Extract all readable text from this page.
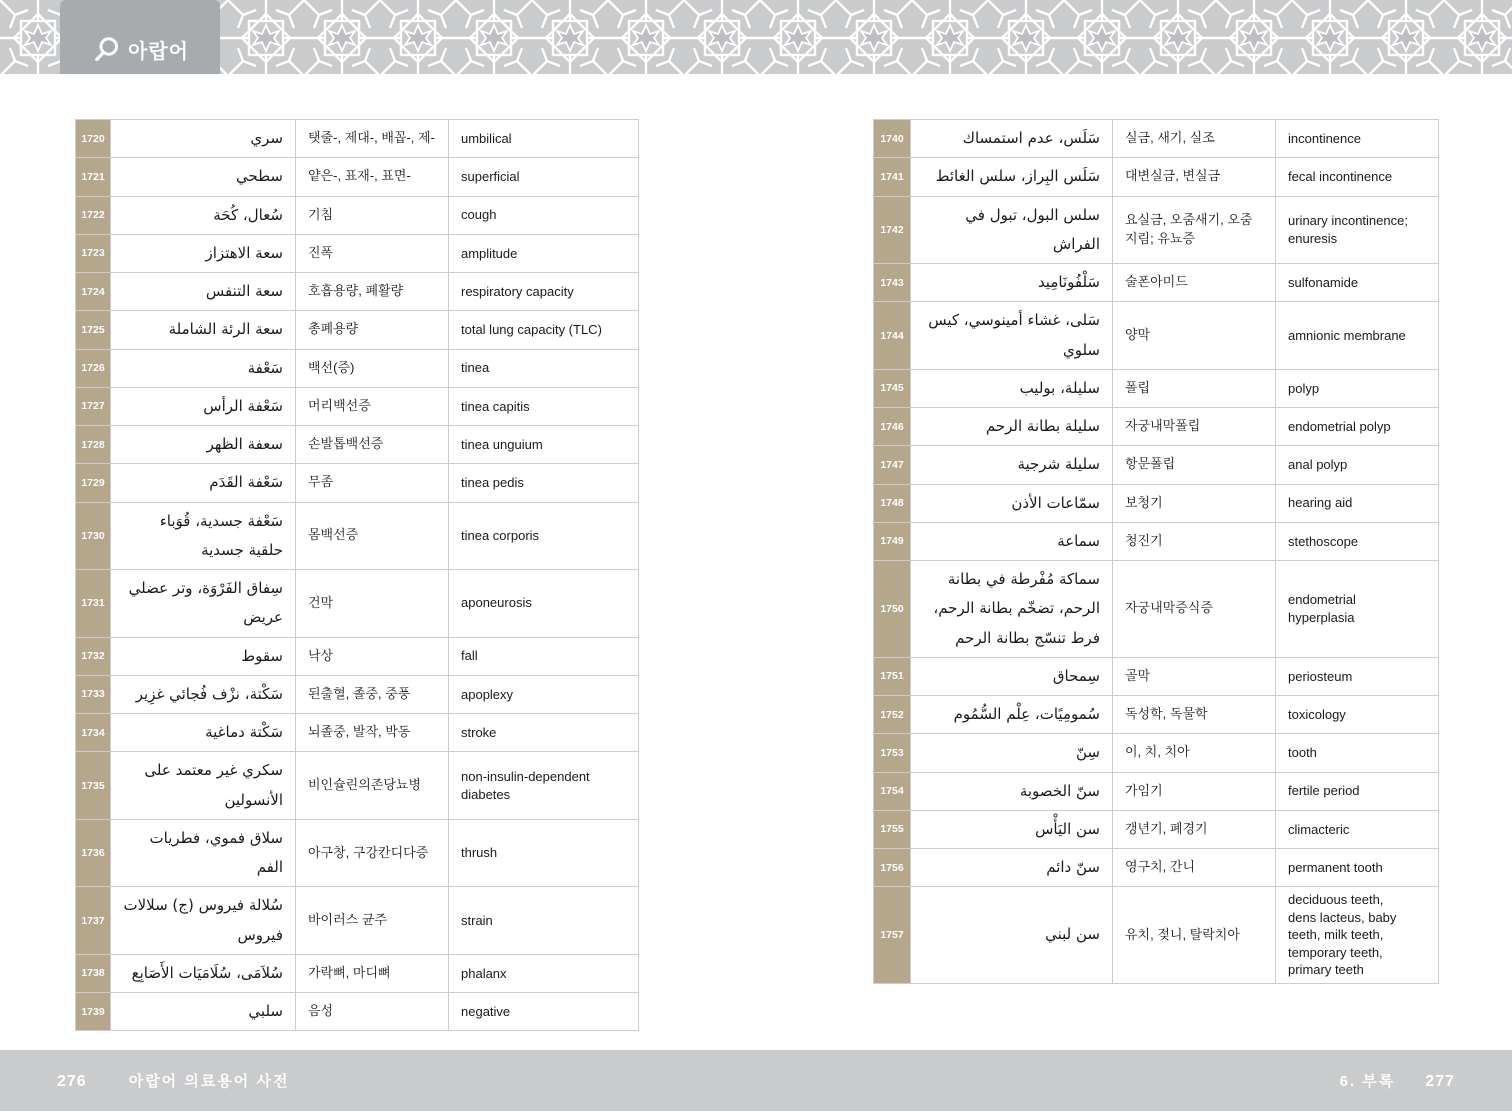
아랍어
1720	سري	탯줄-, 제대-, 배꼽-, 제-	umbilical
1721	سطحي	얕은-, 표재-, 표면-	superficial
1722	سُعال، كُحَة	기침	cough
1723	سعة الاهتزاز	진폭	amplitude
1724	سعة التنفس	호흡용량, 폐활량	respiratory capacity
1725	سعة الرئة الشاملة	총폐용량	total lung capacity (TLC)
1726	سَعْفة	백선(증)	tinea
1727	سَعْفة الرأس	머리백선증	tinea capitis
1728	سعفة الظهر	손발톱백선증	tinea unguium
1729	سَعْفة القَدَم	무좀	tinea pedis
1730	سَعْفة جسدية، قُوَباء حلقية جسدية	몸백선증	tinea corporis
1731	سِفاق الفَرْوَة، وتر عضلي عريض	건막	aponeurosis
1732	سقوط	낙상	fall
1733	سَكْتة، نزْف فُجائي غزِير	된출혈, 졸중, 중풍	apoplexy
1734	سَكْتة دماغية	뇌졸중, 발작, 박동	stroke
1735	سكري غير معتمد على الأنسولين	비인슐린의존당뇨병	non-insulin-dependent diabetes
1736	سلاق فموي، فطريات الفم	아구창, 구강칸디다증	thrush
1737	سُلالة فيروس (ج) سلالات فيروس	바이러스 균주	strain
1738	سُلاَمَى، سُلَامَيَات الأَصَابِع	가락뼈, 마디뼈	phalanx
1739	سلبي	음성	negative
1740	سَلَس، عدم استمساك	실금, 새기, 실조	incontinence
1741	سَلَس البِراز، سلس الغائط	대변실금, 변실금	fecal incontinence
1742	سلس البول، تبول في الفراش	요실금, 오줌새기, 오줌지림; 유뇨증	urinary incontinence; enuresis
1743	سَلْفُونَامِيد	술폰아미드	sulfonamide
1744	سَلى، غشاء أمينوسي، كيس سلوي	양막	amnionic membrane
1745	سليلة، بوليب	폴립	polyp
1746	سليلة بطانة الرحم	자궁내막폴립	endometrial polyp
1747	سليلة شرجية	항문폴립	anal polyp
1748	سمّاعات الأذن	보청기	hearing aid
1749	سماعة	청진기	stethoscope
1750	سماكة مُفْرطة في بطانة الرحم، تضخّم بطانة الرحم، فرط تنسّج بطانة الرحم	자궁내막증식증	endometrial hyperplasia
1751	سِمحاق	골막	periosteum
1752	سُمومِيًات، عِلْم السُّمُوم	독성학, 독물학	toxicology
1753	سِنّ	이, 치, 치아	tooth
1754	سنّ الخصوبة	가임기	fertile period
1755	سن اليَأْس	갱년기, 폐경기	climacteric
1756	سنّ دائم	영구치, 간니	permanent tooth
1757	سن لبني	유치, 젖니, 탈락치아	deciduous teeth, dens lacteus, baby teeth, milk teeth, temporary teeth, primary teeth
276	아랍어 의료용어 사전	6. 부록 277
